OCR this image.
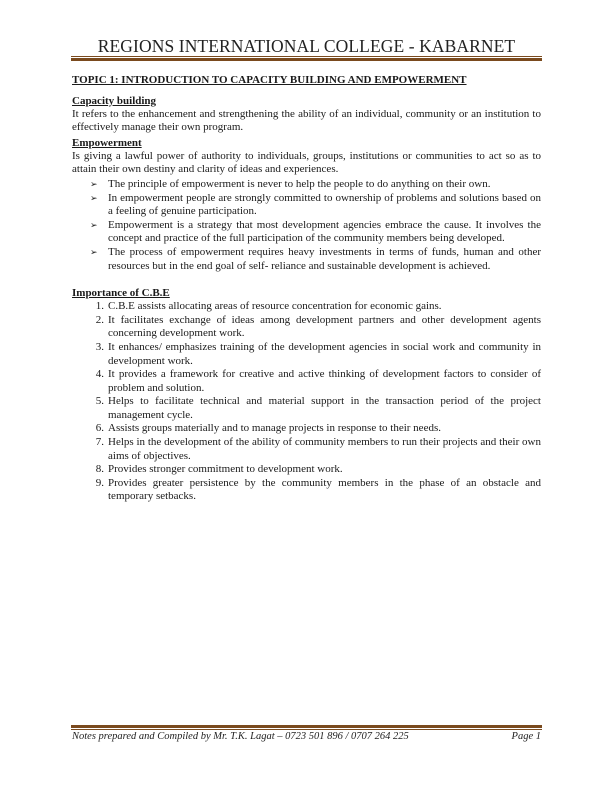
REGIONS INTERNATIONAL COLLEGE - KABARNET
TOPIC 1: INTRODUCTION TO CAPACITY BUILDING AND EMPOWERMENT

Capacity building

It refers to the enhancement and strengthening the ability of an individual, community or an institution to effectively manage their own program.

Empowerment

Is giving a lawful power of authority to individuals, groups, institutions or communities to act so as to attain their own destiny and clarity of ideas and experiences.

➢ The principle of empowerment is never to help the people to do anything on their own.
➢ In empowerment people are strongly committed to ownership of problems and solutions based on a feeling of genuine participation.
➢ Empowerment is a strategy that most development agencies embrace the cause. It involves the concept and practice of the full participation of the community members being developed.
➢ The process of empowerment requires heavy investments in terms of funds, human and other resources but in the end goal of self- reliance and sustainable development is achieved.

Importance of C.B.E

1. C.B.E assists allocating areas of resource concentration for economic gains.
2. It facilitates exchange of ideas among development partners and other development agents concerning development work.
3. It enhances/ emphasizes training of the development agencies in social work and community in development work.
4. It provides a framework for creative and active thinking of development factors to consider of problem and solution.
5. Helps to facilitate technical and material support in the transaction period of the project management cycle.
6. Assists groups materially and to manage projects in response to their needs.
7. Helps in the development of the ability of community members to run their projects and their own aims of objectives.
8. Provides stronger commitment to development work.
9. Provides greater persistence by the community members in the phase of an obstacle and temporary setbacks.
Notes prepared and Compiled by Mr. T.K. Lagat – 0723 501 896 / 0707 264 225	Page 1
